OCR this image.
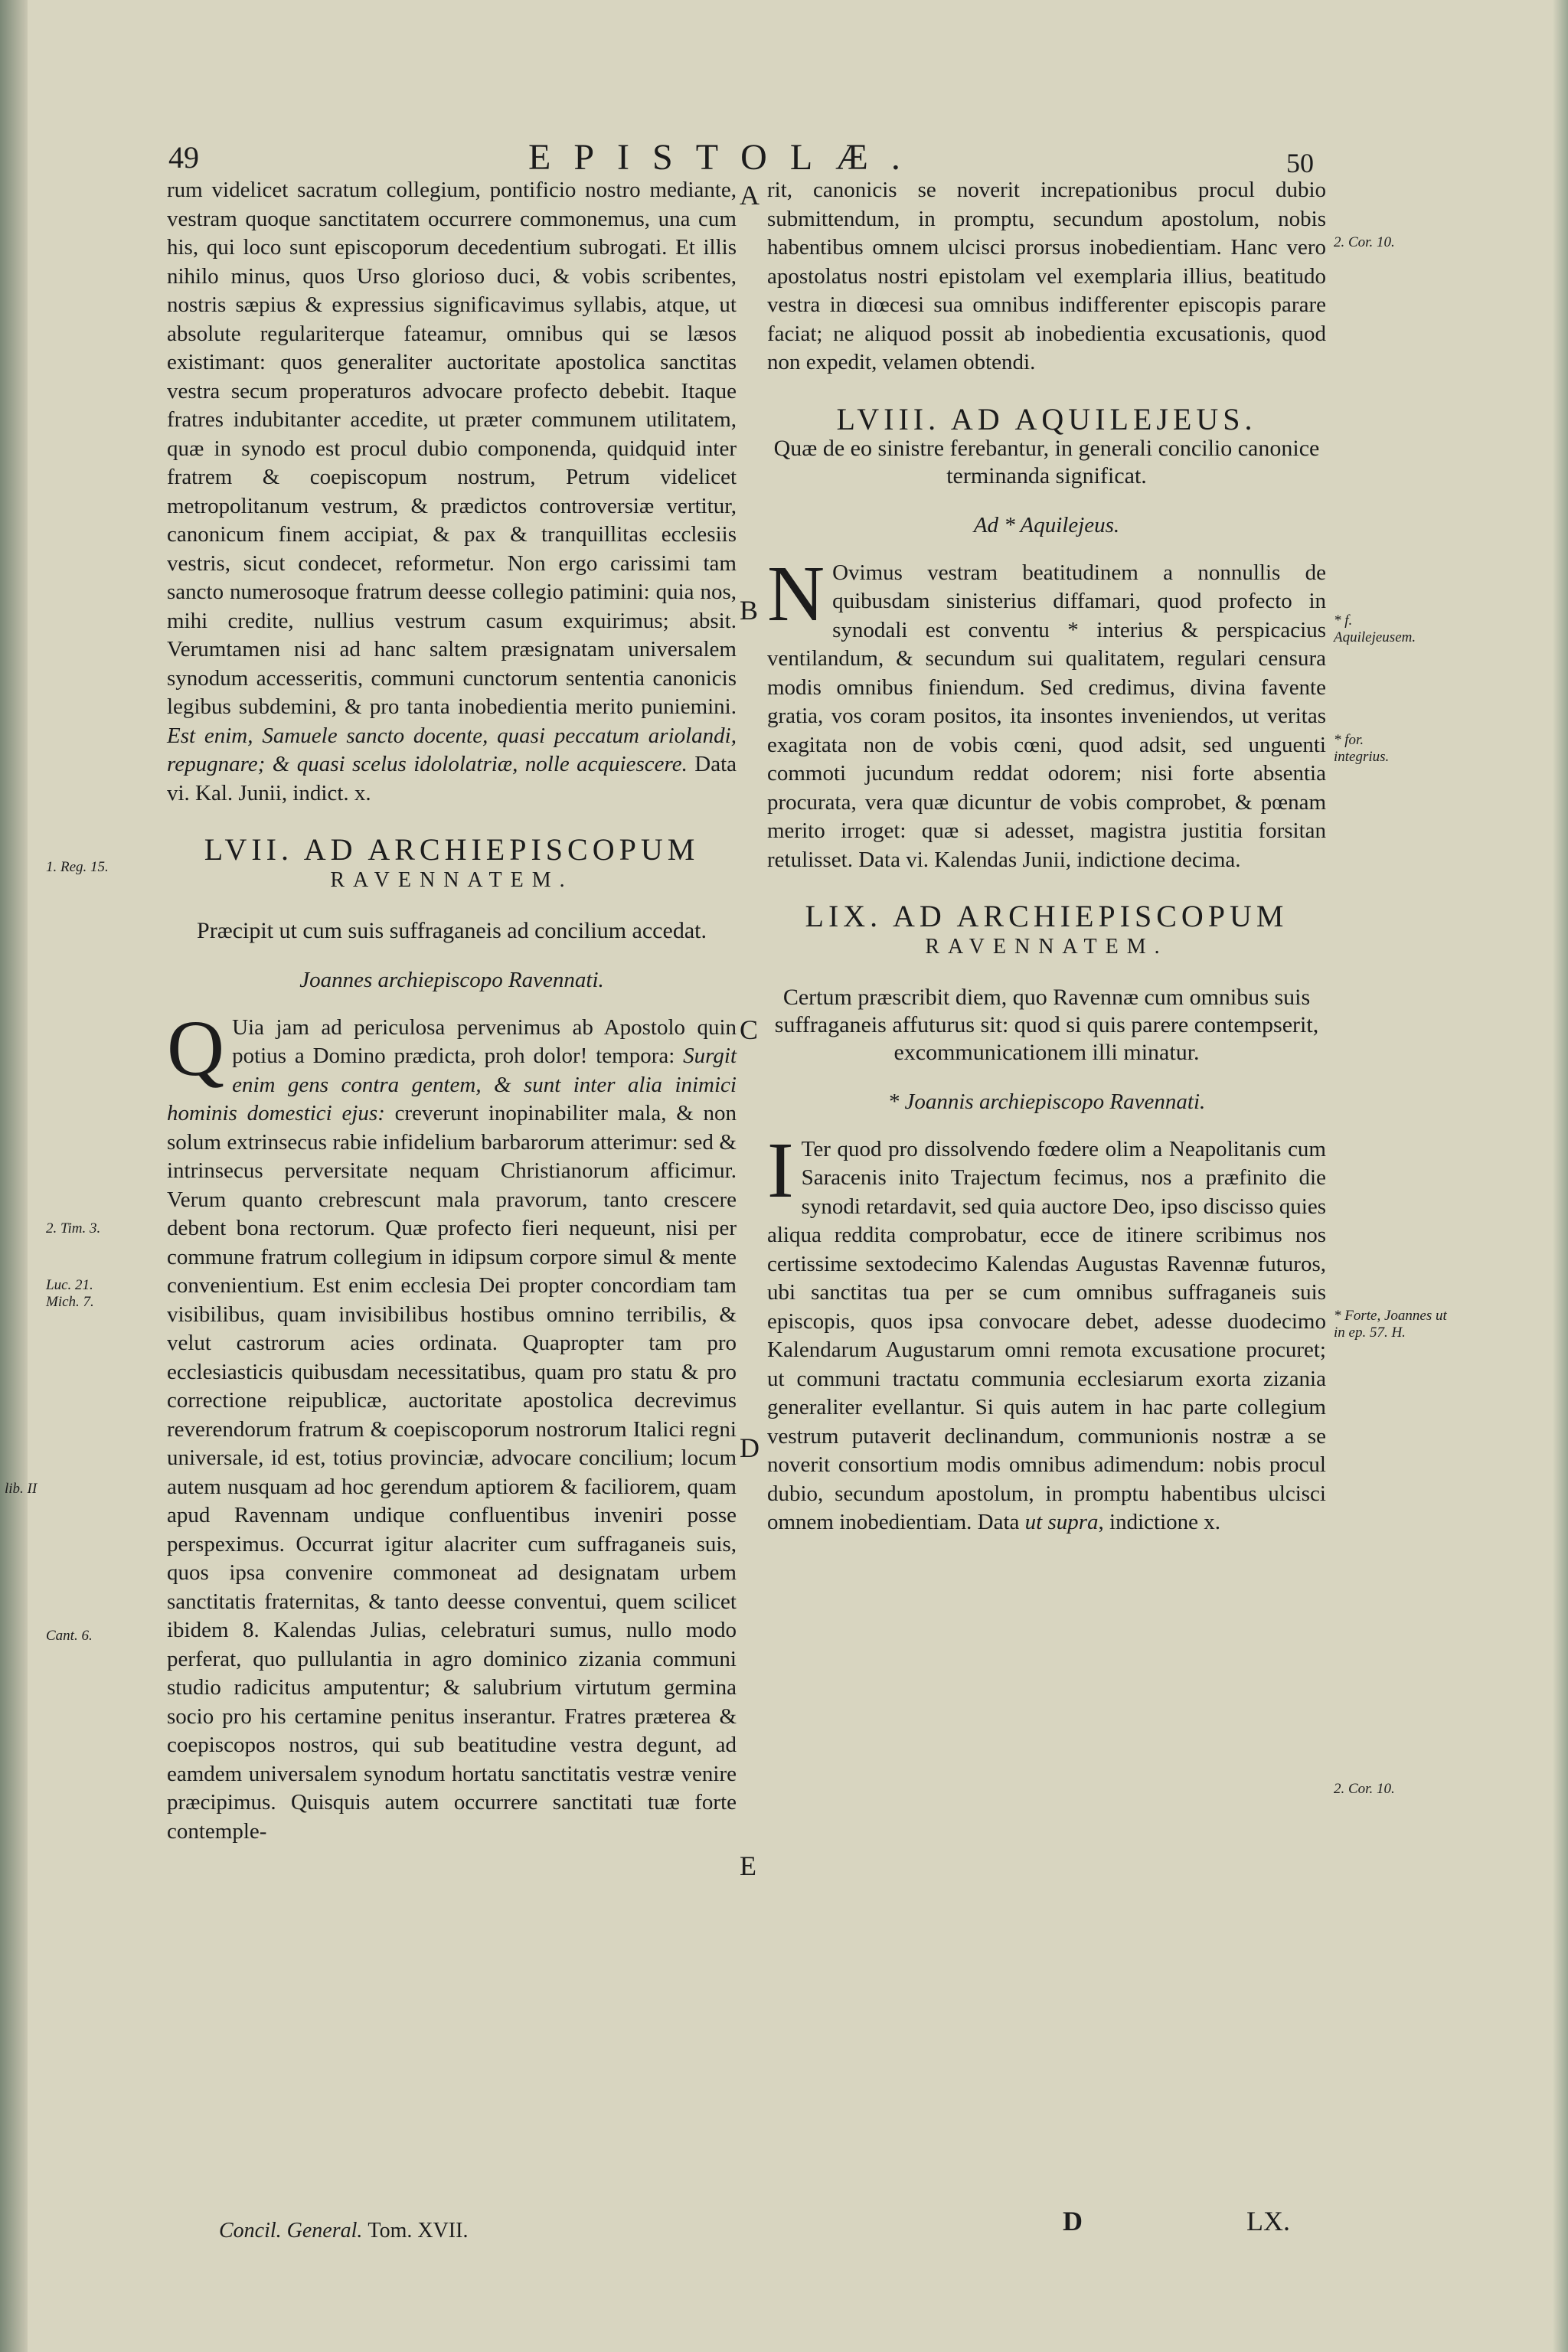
49	EPISTOLÆ.	50

rum videlicet sacratum collegium, pontificio nostro mediante, vestram quoque sanctitatem occurrere commonemus, una cum his, qui loco sunt episcoporum decedentium subrogati. Et illis nihilo minus, quos Urso glorioso duci, & vobis scribentes, nostris sæpius & expressius significavimus syllabis, atque, ut absolute regulariterque fateamur, omnibus qui se læsos existimant: quos generaliter auctoritate apostolica sanctitas vestra secum properaturos advocare profecto debebit. Itaque fratres indubitanter accedite, ut præter communem utilitatem, quæ in synodo est procul dubio componenda, quidquid inter fratrem & coepiscopum nostrum, Petrum videlicet metropolitanum vestrum, & prædictos controversiæ vertitur, canonicum finem accipiat, & pax & tranquillitas ecclesiis vestris, sicut condecet, reformetur. Non ergo carissimi tam sancto numerosoque fratrum deesse collegio patimini: quia nos, mihi credite, nullius vestrum casum exquirimus; absit. Verumtamen nisi ad hanc saltem præsignatam universalem synodum accesseritis, communi cunctorum sententia canonicis legibus subdemini, & pro tanta inobedientia merito puniemini. Est enim, Samuele sancto docente, quasi peccatum ariolandi, repugnare; & quasi scelus idololatriæ, nolle acquiescere. Data vi. Kal. Junii, indict. x.

LVII. AD ARCHIEPISCOPUM
RAVENNATEM.
Præcipit ut cum suis suffraganeis ad concilium accedat.
Joannes archiepiscopo Ravennati.

Q Uia jam ad periculosa pervenimus ab Apostolo quin potius a Domino prædicta, proh dolor! tempora: Surgit enim gens contra gentem, & sunt inter alia inimici hominis domestici ejus: creverunt inopinabiliter mala, & non solum extrinsecus rabie infidelium barbarorum atterimur: sed & intrinsecus perversitate nequam Christianorum afficimur. Verum quanto crebrescunt mala pravorum, tanto crescere debent bona rectorum. Quæ profecto fieri nequeunt, nisi per commune fratrum collegium in idipsum corpore simul & mente convenientium. Est enim ecclesia Dei propter concordiam tam visibilibus, quam invisibilibus hostibus omnino terribilis, & velut castrorum acies ordinata. Quapropter tam pro ecclesiasticis quibusdam necessitatibus, quam pro statu & pro correctione reipublicæ, auctoritate apostolica decrevimus reverendorum fratrum & coepiscoporum nostrorum Italici regni universale, id est, totius provinciæ, advocare concilium; locum autem nusquam ad hoc gerendum aptiorem & faciliorem, quam apud Ravennam undique confluentibus inveniri posse perspeximus. Occurrat igitur alacriter cum suffraganeis suis, quos ipsa convenire commoneat ad designatam urbem sanctitatis fraternitas, & tanto deesse conventui, quem scilicet ibidem 8. Kalendas Julias, celebraturi sumus, nullo modo perferat, quo pullulantia in agro dominico zizania communi studio radicitus amputentur; & salubrium virtutum germina socio pro his certamine penitus inserantur. Fratres præterea & coepiscopos nostros, qui sub beatitudine vestra degunt, ad eamdem universalem synodum hortatu sanctitatis vestræ venire præcipimus. Quisquis autem occurrere sanctitati tuæ forte contemple-

rit, canonicis se noverit increpationibus procul dubio submittendum, in promptu, secundum apostolum, nobis habentibus omnem ulcisci prorsus inobedientiam. Hanc vero apostolatus nostri epistolam vel exemplaria illius, beatitudo vestra in diœcesi sua omnibus indifferenter episcopis parare faciat; ne aliquod possit ab inobedientia excusationis, quod non expedit, velamen obtendi.

LVIII. AD AQUILEJEUS.
Quæ de eo sinistre ferebantur, in generali concilio canonice terminanda significat.
Ad * Aquilejeus.

N Ovimus vestram beatitudinem a nonnullis de quibusdam sinisterius diffamari, quod profecto in synodali est conventu * interius & perspicacius ventilandum, & secundum sui qualitatem, regulari censura modis omnibus finiendum. Sed credimus, divina favente gratia, vos coram positos, ita insontes inveniendos, ut veritas exagitata non de vobis cœni, quod adsit, sed unguenti commoti jucundum reddat odorem; nisi forte absentia procurata, vera quæ dicuntur de vobis comprobet, & pœnam merito irroget: quæ si adesset, magistra justitia forsitan retulisset. Data vi. Kalendas Junii, indictione decima.

LIX. AD ARCHIEPISCOPUM
RAVENNATEM.
Certum præscribit diem, quo Ravennæ cum omnibus suis suffraganeis affuturus sit: quod si quis parere contempserit, excommunicationem illi minatur.
* Joannis archiepiscopo Ravennati.

I Ter quod pro dissolvendo fœdere olim a Neapolitanis cum Saracenis inito Trajectum fecimus, nos a præfinito die synodi retardavit, sed quia auctore Deo, ipso discisso quies aliqua reddita comprobatur, ecce de itinere scribimus nos certissime sextodecimo Kalendas Augustas Ravennæ futuros, ubi sanctitas tua per se cum omnibus suffraganeis suis episcopis, quos ipsa convocare debet, adesse duodecimo Kalendarum Augustarum omni remota excusatione procuret; ut communi tractatu communia ecclesiarum exorta zizania generaliter evellantur. Si quis autem in hac parte collegium vestrum putaverit declinandum, communionis nostræ a se noverit consortium modis omnibus adimendum: nobis procul dubio, secundum apostolum, in promptu habentibus ulcisci omnem inobedientiam. Data ut supra, indictione x.

A
B
C
D
E
1. Reg. 15.
2. Tim. 3.
Luc. 21. Mich. 7.
lib. II
Cant. 6.
2. Cor. 10.
* f. Aquilejeusem.
* for. integrius.
* Forte, Joannes ut in ep. 57. H.
2. Cor. 10.
Concil. General. Tom. XVII.	D	LX.
